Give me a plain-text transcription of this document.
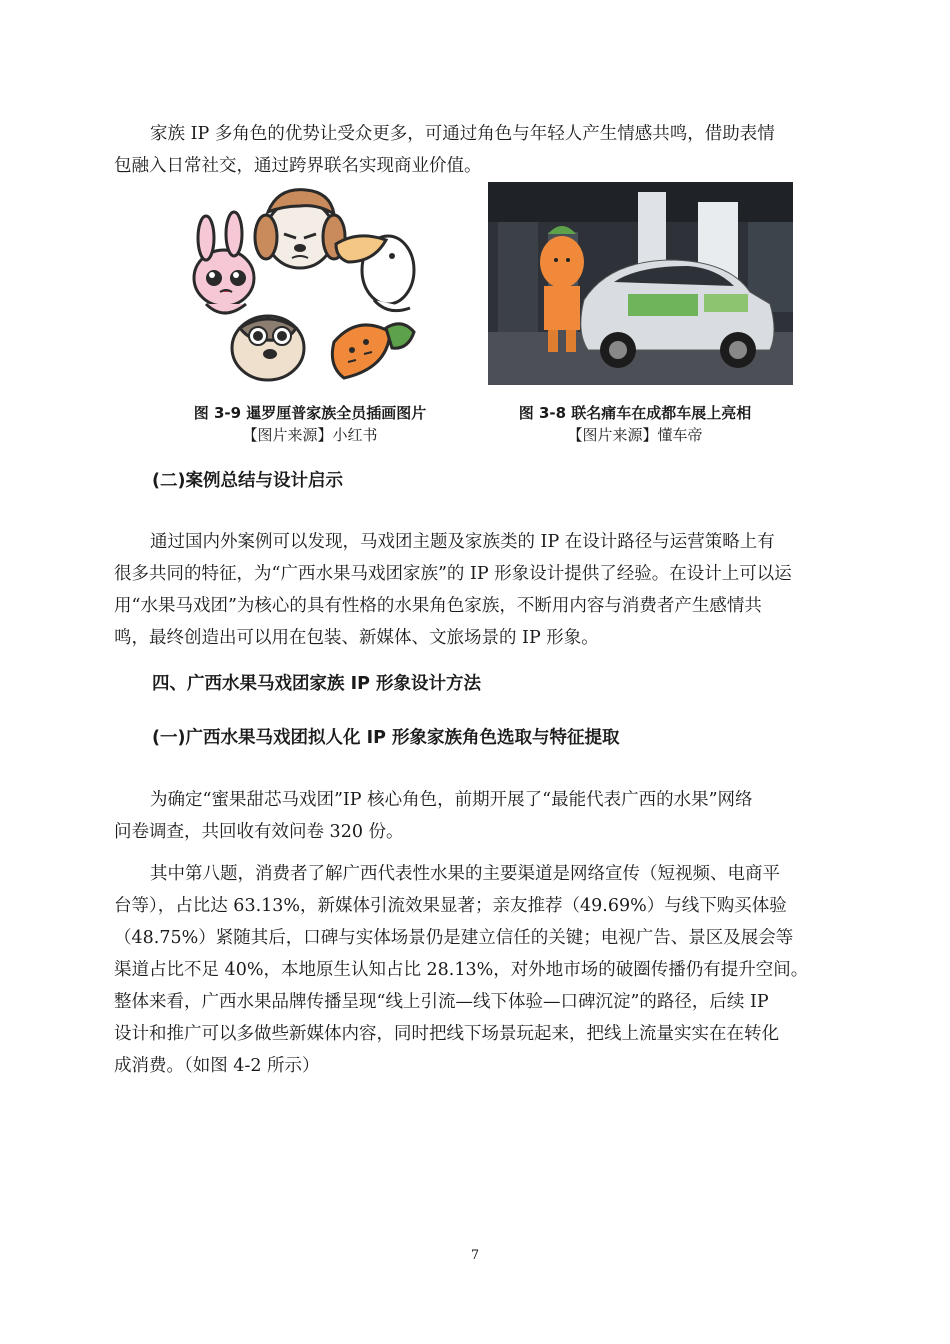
家族 IP 多角色的优势让受众更多，可通过角色与年轻人产生情感共鸣，借助表情
包融入日常社交，通过跨界联名实现商业价值。
图 3-9 暹罗厘普家族全员插画图片
【图片来源】小红书
图 3-8 联名痛车在成都车展上亮相
【图片来源】懂车帝
(二)案例总结与设计启示
通过国内外案例可以发现，马戏团主题及家族类的 IP 在设计路径与运营策略上有
很多共同的特征，为“广西水果马戏团家族”的 IP 形象设计提供了经验。在设计上可以运
用“水果马戏团”为核心的具有性格的水果角色家族，不断用内容与消费者产生感情共
鸣，最终创造出可以用在包装、新媒体、文旅场景的 IP 形象。
四、广西水果马戏团家族 IP 形象设计方法
(一)广西水果马戏团拟人化 IP 形象家族角色选取与特征提取
为确定“蜜果甜芯马戏团”IP 核心角色，前期开展了“最能代表广西的水果”网络
问卷调查，共回收有效问卷 320 份。
其中第八题，消费者了解广西代表性水果的主要渠道是网络宣传（短视频、电商平
台等），占比达 63.13%，新媒体引流效果显著；亲友推荐（49.69%）与线下购买体验
（48.75%）紧随其后，口碑与实体场景仍是建立信任的关键；电视广告、景区及展会等
渠道占比不足 40%，本地原生认知占比 28.13%，对外地市场的破圈传播仍有提升空间。
整体来看，广西水果品牌传播呈现“线上引流—线下体验—口碑沉淀”的路径，后续 IP
设计和推广可以多做些新媒体内容，同时把线下场景玩起来，把线上流量实实在在转化
成消费。（如图 4-2 所示）
7
